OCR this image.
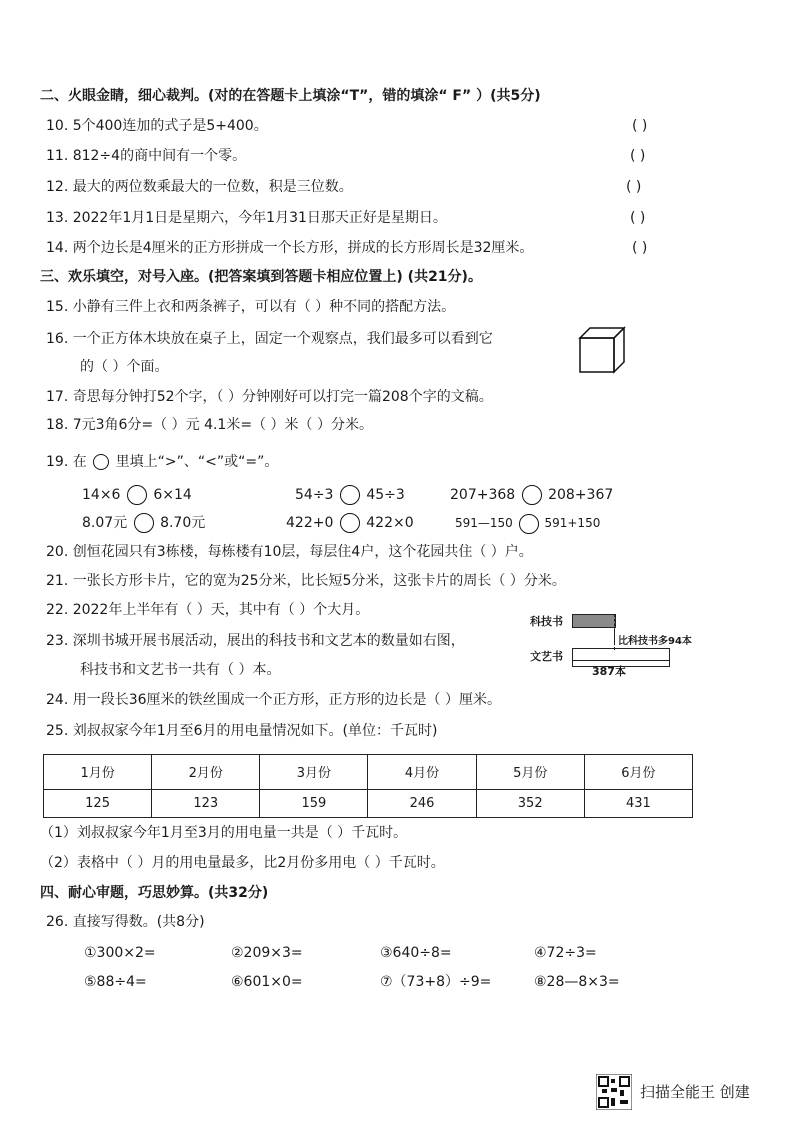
二、火眼金睛，细心裁判。(对的在答题卡上填涂“T”，错的填涂“ F” ）(共5分)
10. 5个400连加的式子是5+400。	( )
11. 812÷4的商中间有一个零。	( )
12. 最大的两位数乘最大的一位数，积是三位数。	( )
13. 2022年1月1日是星期六，今年1月31日那天正好是星期日。	( )
14. 两个边长是4厘米的正方形拼成一个长方形，拼成的长方形周长是32厘米。	( )
三、欢乐填空，对号入座。(把答案填到答题卡相应位置上) (共21分)。
15. 小静有三件上衣和两条裤子，可以有（ ）种不同的搭配方法。
16. 一个正方体木块放在桌子上，固定一个观察点，我们最多可以看到它
的（ ）个面。
17. 奇思每分钟打52个字，（ ）分钟刚好可以打完一篇208个字的文稿。
18. 7元3角6分=（ ）元 4.1米=（ ）米（ ）分米。
19. 在 里填上“>”、“<”或“=”。
14×6 6×14	54÷3 45÷3	207+368 208+367
8.07元 8.70元	422+0 422×0	591—150	591+150
20. 创恒花园只有3栋楼，每栋楼有10层，每层住4户，这个花园共住（ ）户。
21. 一张长方形卡片，它的宽为25分米，比长短5分米，这张卡片的周长（ ）分米。
22. 2022年上半年有（ ）天，其中有（ ）个大月。
23. 深圳书城开展书展活动，展出的科技书和文艺本的数量如右图，
科技书和文艺书一共有（ ）本。
科技书
比科技书多94本
文艺书
387本
24. 用一段长36厘米的铁丝围成一个正方形，正方形的边长是（ ）厘米。
25. 刘叔叔家今年1月至6月的用电量情况如下。(单位：千瓦时)
1月份	2月份	3月份	4月份	5月份	6月份
125	123	159	246	352	431
（1）刘叔叔家今年1月至3月的用电量一共是（ ）千瓦时。
（2）表格中（ ）月的用电量最多，比2月份多用电（ ）千瓦时。
四、耐心审题，巧思妙算。(共32分)
26. 直接写得数。(共8分)
①300×2=	②209×3=	③640÷8=	④72÷3=
⑤88÷4=	⑥601×0=	⑦（73+8）÷9=	⑧28—8×3=
扫描全能王 创建
